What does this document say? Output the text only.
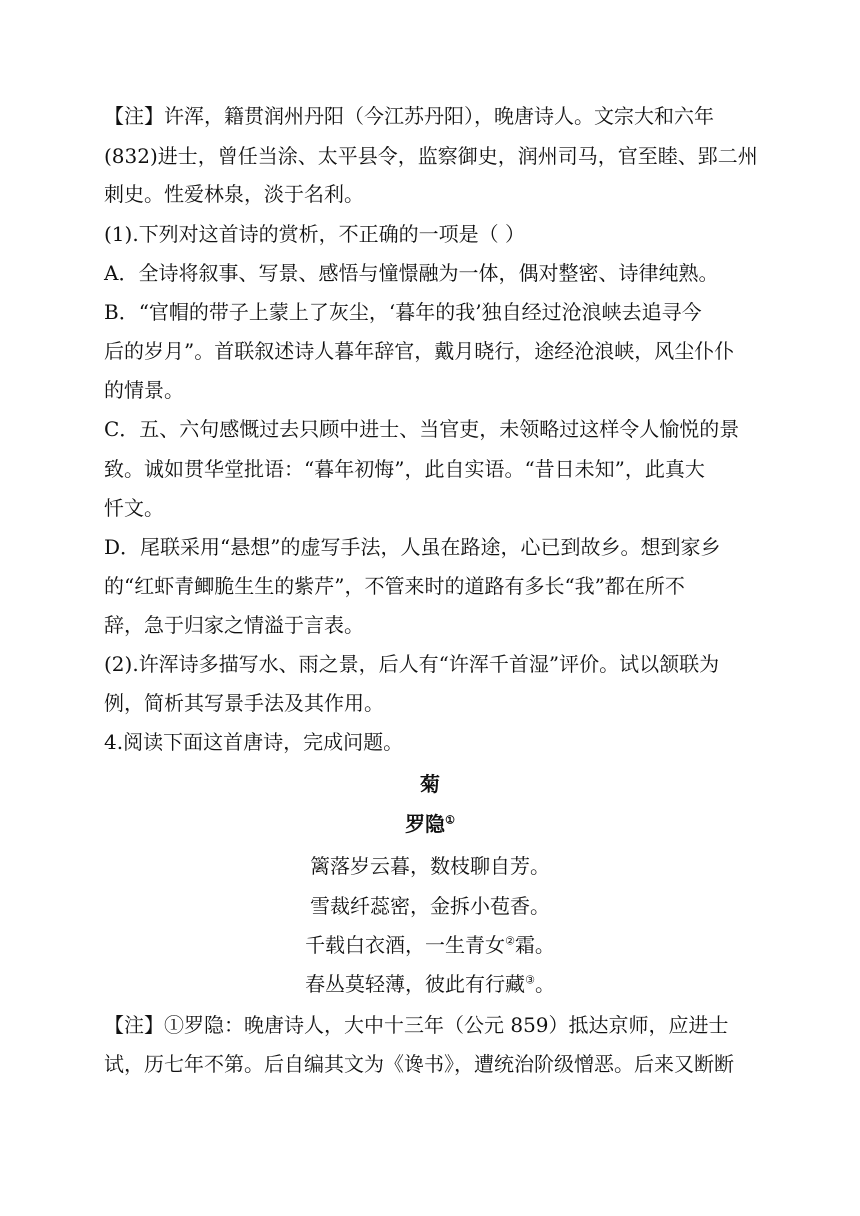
【注】许浑，籍贯润州丹阳（今江苏丹阳），晚唐诗人。文宗大和六年
(832)进士，曾任当涂、太平县令，监察御史，润州司马，官至睦、郢二州
刺史。性爱林泉，淡于名利。
(1).下列对这首诗的赏析，不正确的一项是（ ）
A．全诗将叙事、写景、感悟与憧憬融为一体，偶对整密、诗律纯熟。
B．“官帽的带子上蒙上了灰尘，‘暮年的我’独自经过沧浪峡去追寻今
后的岁月”。首联叙述诗人暮年辞官，戴月晓行，途经沧浪峡，风尘仆仆
的情景。
C．五、六句感慨过去只顾中进士、当官吏，未领略过这样令人愉悦的景
致。诚如贯华堂批语：“暮年初悔”，此自实语。“昔日未知”，此真大
忏文。
D．尾联采用“悬想”的虚写手法，人虽在路途，心已到故乡。想到家乡
的“红虾青鲫脆生生的紫芹”，不管来时的道路有多长“我”都在所不
辞，急于归家之情溢于言表。
(2).许浑诗多描写水、雨之景，后人有“许浑千首湿”评价。试以颔联为
例，简析其写景手法及其作用。
4.阅读下面这首唐诗，完成问题。
菊
罗隐①
篱落岁云暮，数枝聊自芳。
雪裁纤蕊密，金拆小苞香。
千载白衣酒，一生青女②霜。
春丛莫轻薄，彼此有行藏③。
【注】①罗隐：晚唐诗人，大中十三年（公元 859）抵达京师，应进士
试，历七年不第。后自编其文为《谗书》，遭统治阶级憎恶。后来又断断
